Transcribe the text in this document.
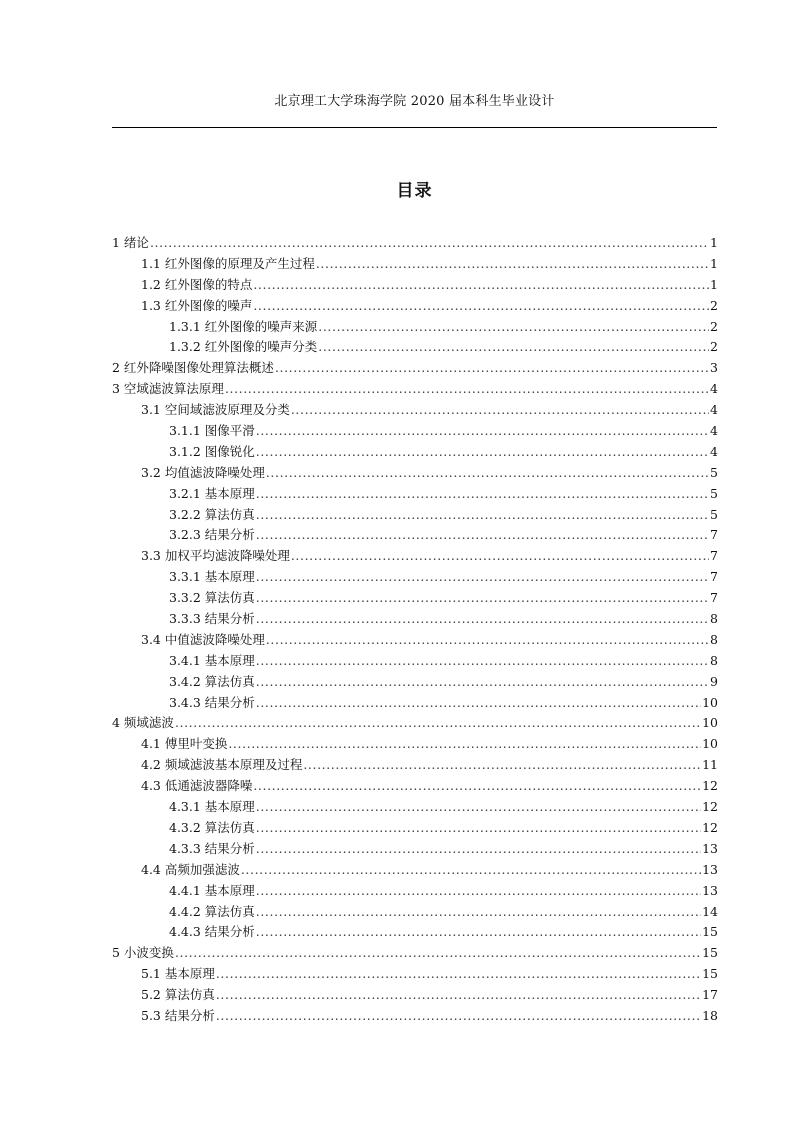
北京理工大学珠海学院 2020 届本科生毕业设计
目录
1 绪论 .....	1
1.1 红外图像的原理及产生过程 .....	1
1.2 红外图像的特点 .....	1
1.3 红外图像的噪声 .....	2
1.3.1 红外图像的噪声来源 .....	2
1.3.2 红外图像的噪声分类 .....	2
2 红外降噪图像处理算法概述 .....	3
3 空域滤波算法原理 .....	4
3.1 空间域滤波原理及分类 .....	4
3.1.1 图像平滑 .....	4
3.1.2 图像锐化 .....	4
3.2 均值滤波降噪处理 .....	5
3.2.1 基本原理 .....	5
3.2.2 算法仿真 .....	5
3.2.3 结果分析 .....	7
3.3 加权平均滤波降噪处理 .....	7
3.3.1 基本原理 .....	7
3.3.2 算法仿真 .....	7
3.3.3 结果分析 .....	8
3.4 中值滤波降噪处理 .....	8
3.4.1 基本原理 .....	8
3.4.2 算法仿真 .....	9
3.4.3 结果分析 .....	10
4 频域滤波 .....	10
4.1 傅里叶变换 .....	10
4.2 频域滤波基本原理及过程 .....	11
4.3 低通滤波器降噪 .....	12
4.3.1 基本原理 .....	12
4.3.2 算法仿真 .....	12
4.3.3 结果分析 .....	13
4.4 高频加强滤波 .....	13
4.4.1 基本原理 .....	13
4.4.2 算法仿真 .....	14
4.4.3 结果分析 .....	15
5 小波变换 .....	15
5.1 基本原理 .....	15
5.2 算法仿真 .....	17
5.3 结果分析 .....	18
